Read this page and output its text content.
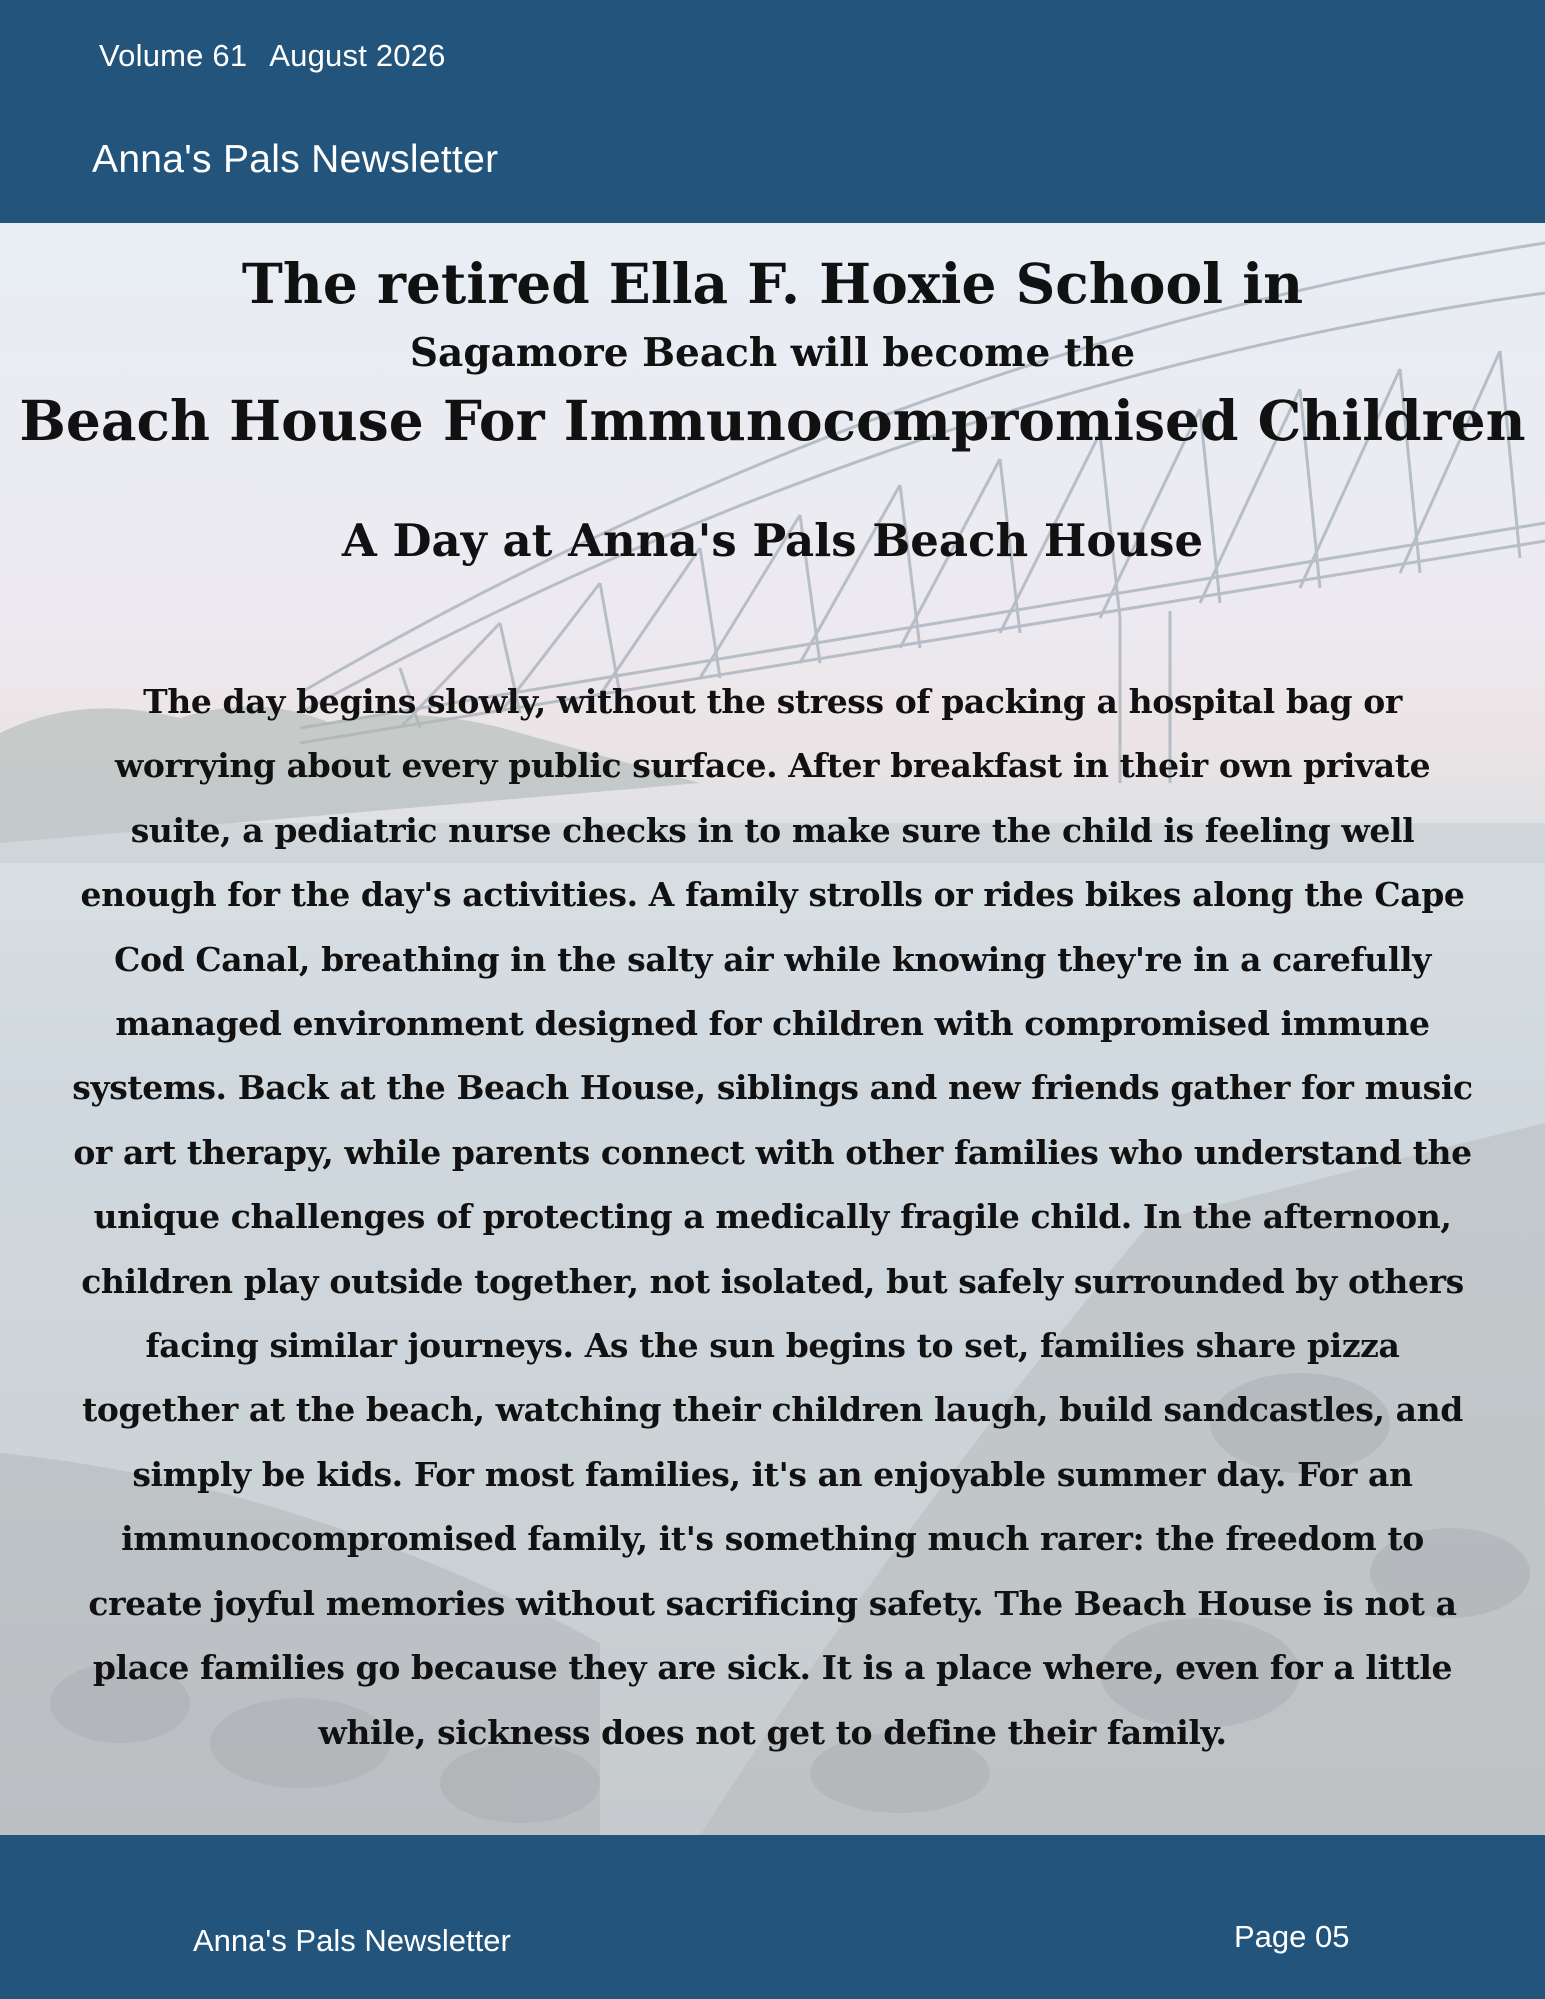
Volume 61 August 2026
Anna's Pals Newsletter
The retired Ella F. Hoxie School in
Sagamore Beach will become the
Beach House For Immunocompromised Children
A Day at Anna's Pals Beach House
The day begins slowly, without the stress of packing a hospital bag or worrying about every public surface. After breakfast in their own private suite, a pediatric nurse checks in to make sure the child is feeling well enough for the day's activities. A family strolls or rides bikes along the Cape Cod Canal, breathing in the salty air while knowing they're in a carefully managed environment designed for children with compromised immune systems. Back at the Beach House, siblings and new friends gather for music or art therapy, while parents connect with other families who understand the unique challenges of protecting a medically fragile child. In the afternoon, children play outside together, not isolated, but safely surrounded by others facing similar journeys. As the sun begins to set, families share pizza together at the beach, watching their children laugh, build sandcastles, and simply be kids. For most families, it's an enjoyable summer day. For an immunocompromised family, it's something much rarer: the freedom to create joyful memories without sacrificing safety. The Beach House is not a place families go because they are sick. It is a place where, even for a little while, sickness does not get to define their family.
Anna's Pals Newsletter	Page 05
